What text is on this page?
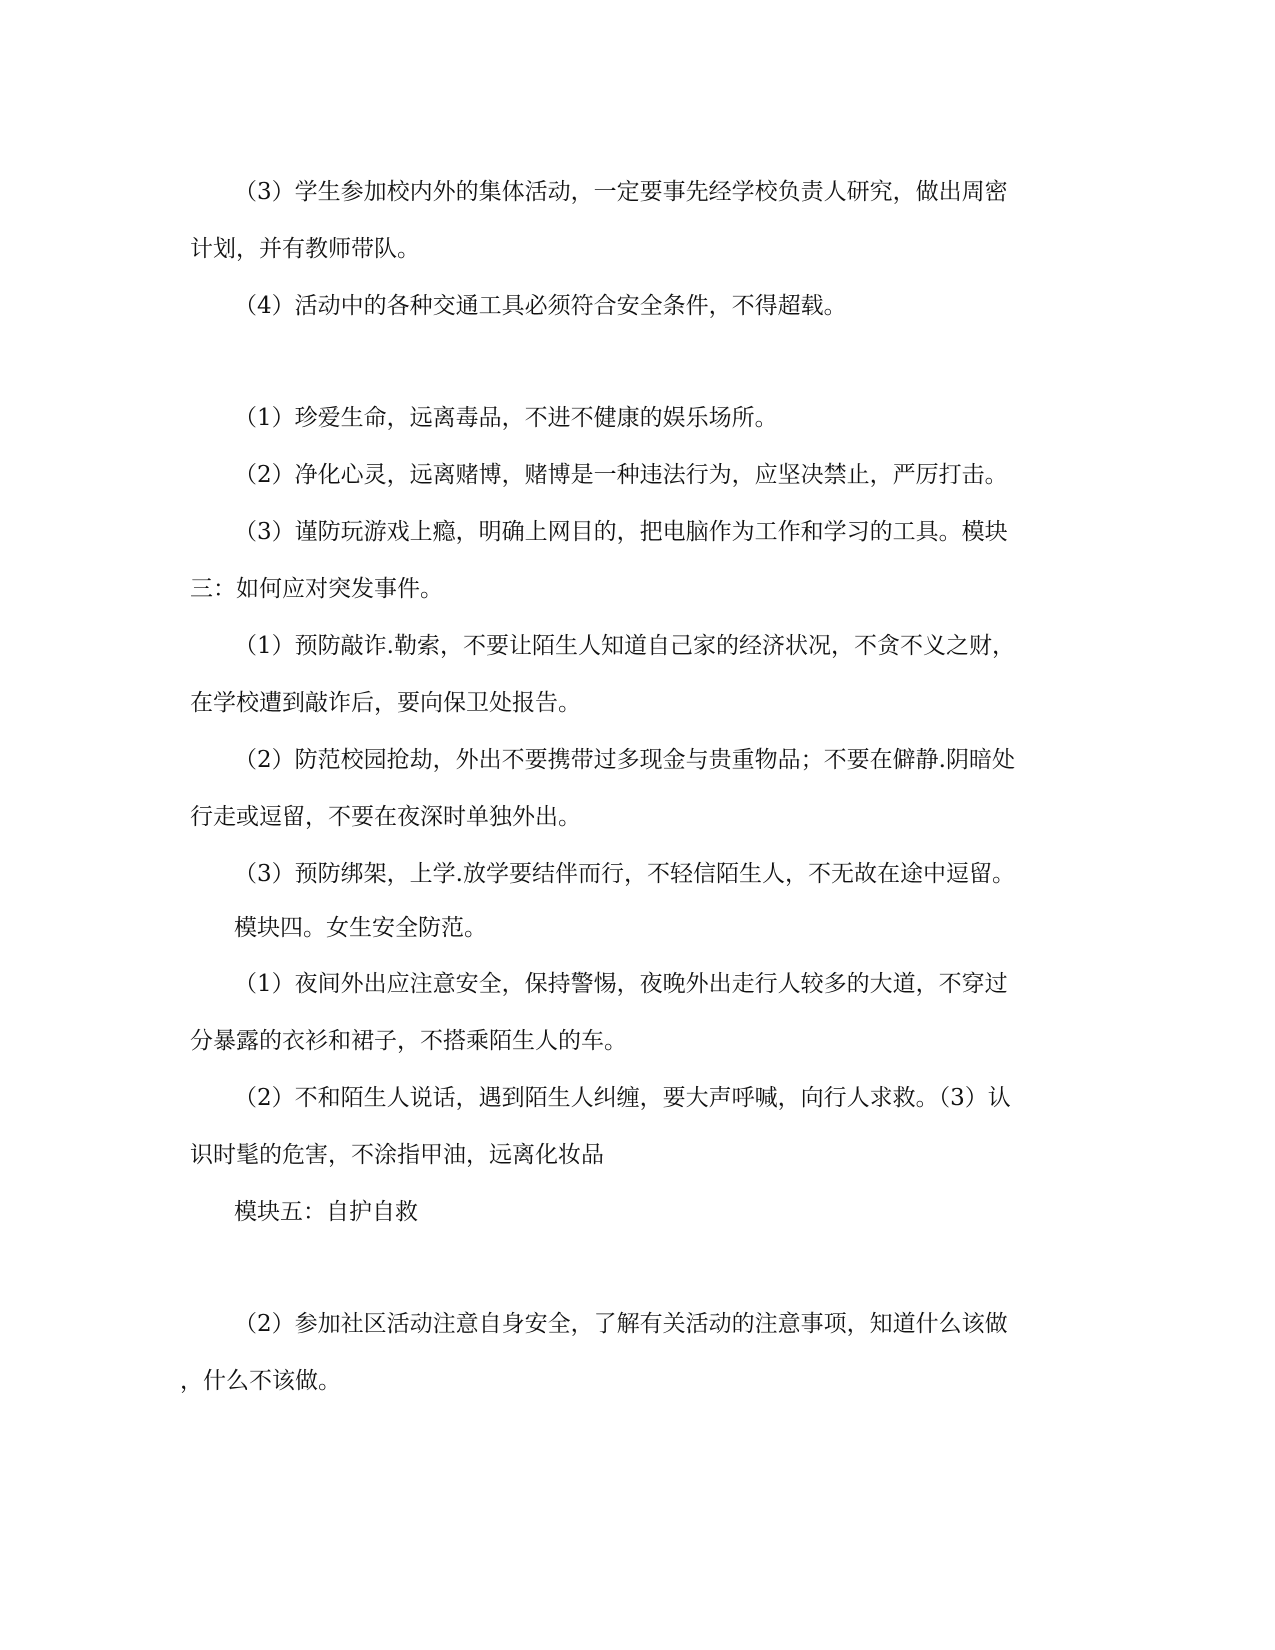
（3）学生参加校内外的集体活动，一定要事先经学校负责人研究，做出周密
计划，并有教师带队。
（4）活动中的各种交通工具必须符合安全条件，不得超载。
（1）珍爱生命，远离毒品，不进不健康的娱乐场所。
（2）净化心灵，远离赌博，赌博是一种违法行为，应坚决禁止，严厉打击。
（3）谨防玩游戏上瘾，明确上网目的，把电脑作为工作和学习的工具。模块
三：如何应对突发事件。
（1）预防敲诈.勒索，不要让陌生人知道自己家的经济状况，不贪不义之财，
在学校遭到敲诈后，要向保卫处报告。
（2）防范校园抢劫，外出不要携带过多现金与贵重物品；不要在僻静.阴暗处
行走或逗留，不要在夜深时单独外出。
（3）预防绑架，上学.放学要结伴而行，不轻信陌生人，不无故在途中逗留。
模块四。女生安全防范。
（1）夜间外出应注意安全，保持警惕，夜晚外出走行人较多的大道，不穿过
分暴露的衣衫和裙子，不搭乘陌生人的车。
（2）不和陌生人说话，遇到陌生人纠缠，要大声呼喊，向行人求救。（3）认
识时髦的危害，不涂指甲油，远离化妆品
模块五：自护自救
（2）参加社区活动注意自身安全，了解有关活动的注意事项，知道什么该做
，什么不该做。
